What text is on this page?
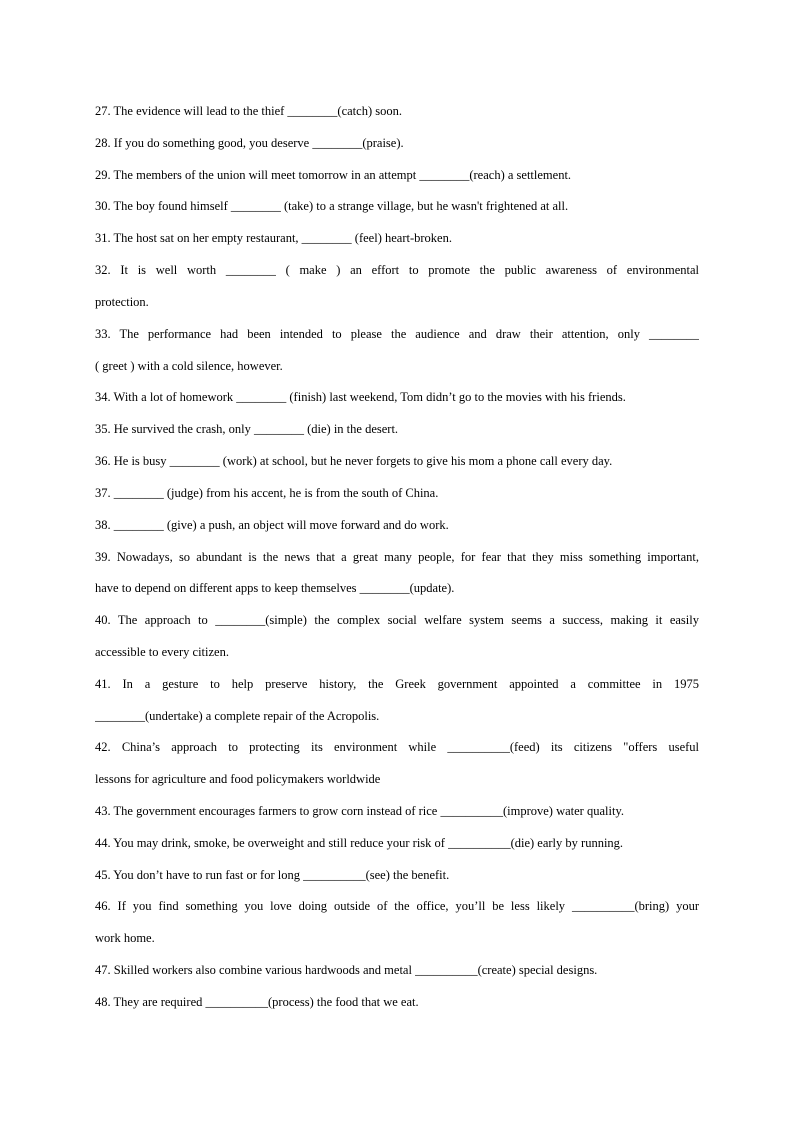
27. The evidence will lead to the thief ________(catch) soon.
28. If you do something good, you deserve ________(praise).
29. The members of the union will meet tomorrow in an attempt ________(reach) a settlement.
30. The boy found himself ________ (take) to a strange village, but he wasn't frightened at all.
31. The host sat on her empty restaurant, ________ (feel) heart-broken.
32. It is well worth ________ ( make ) an effort to promote the public awareness of environmental
protection.
33. The performance had been intended to please the audience and draw their attention, only ________
( greet ) with a cold silence, however.
34. With a lot of homework ________ (finish) last weekend, Tom didn’t go to the movies with his friends.
35. He survived the crash, only ________ (die) in the desert.
36. He is busy ________ (work) at school, but he never forgets to give his mom a phone call every day.
37. ________ (judge) from his accent, he is from the south of China.
38. ________ (give) a push, an object will move forward and do work.
39. Nowadays, so abundant is the news that a great many people, for fear that they miss something important,
have to depend on different apps to keep themselves ________(update).
40. The approach to ________(simple) the complex social welfare system seems a success, making it easily
accessible to every citizen.
41. In a gesture to help preserve history, the Greek government appointed a committee in 1975
________(undertake) a complete repair of the Acropolis.
42. China’s approach to protecting its environment while __________(feed) its citizens "offers useful
lessons for agriculture and food policymakers worldwide
43. The government encourages farmers to grow corn instead of rice __________(improve) water quality.
44. You may drink, smoke, be overweight and still reduce your risk of __________(die) early by running.
45. You don’t have to run fast or for long __________(see) the benefit.
46. If you find something you love doing outside of the office, you’ll be less likely __________(bring) your
work home.
47. Skilled workers also combine various hardwoods and metal __________(create) special designs.
48. They are required __________(process) the food that we eat.
